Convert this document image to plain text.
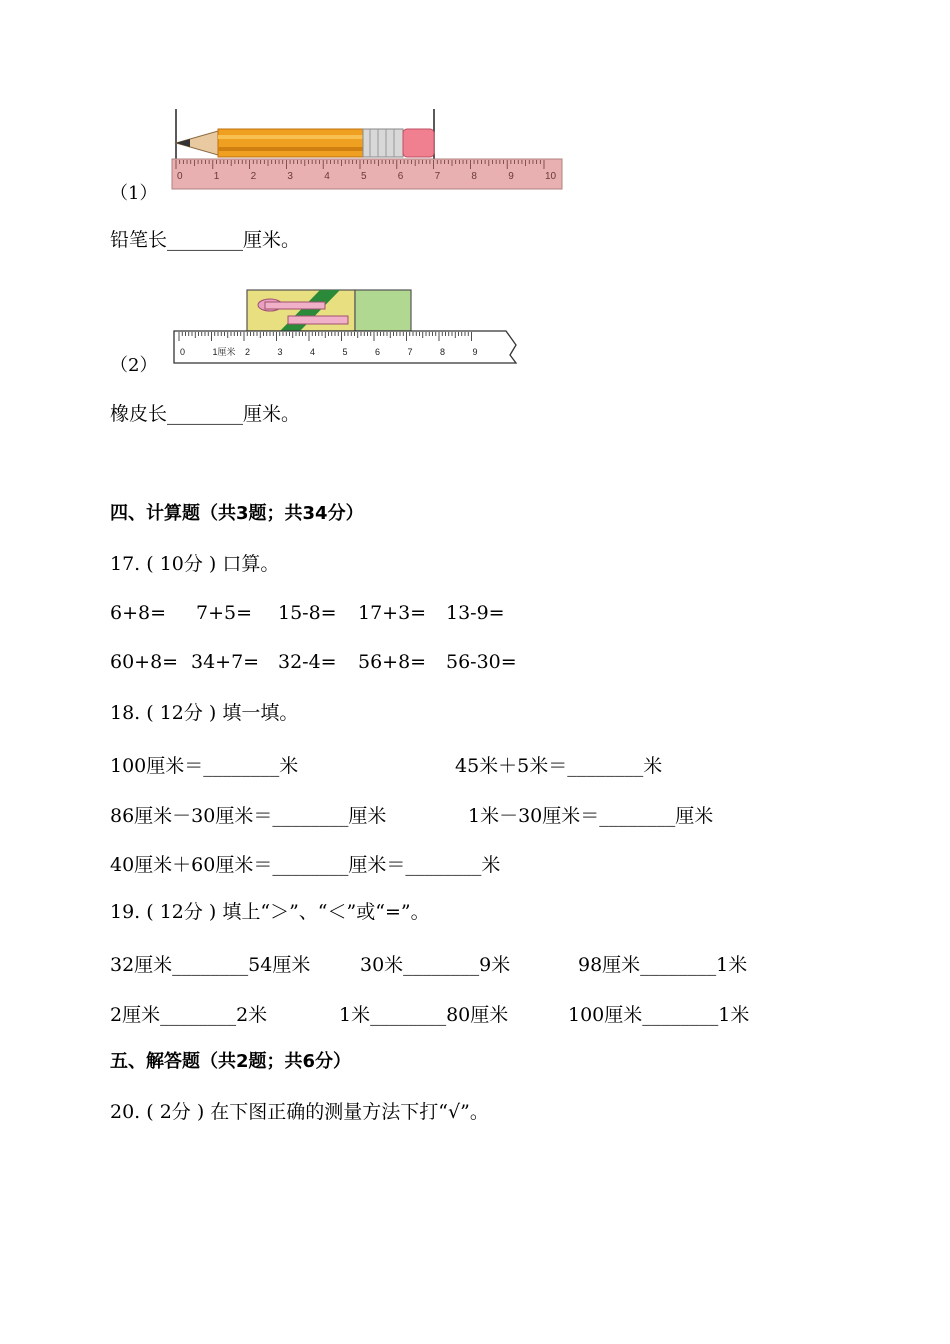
0	1	2	3	4	5	6	7	8	9	10
（1）
铅笔长________厘米。
0	1厘米 2	3	4	5	6	7	8	9
（2）
橡皮长________厘米。
四、计算题（共3题；共34分）
17. ( 10分 ) 口算。
6+8= 7+5= 15-8= 17+3= 13-9=
60+8= 34+7= 32-4= 56+8= 56-30=
18. ( 12分 ) 填一填。
100厘米＝________米	45米＋5米＝________米
86厘米－30厘米＝________厘米	1米－30厘米＝________厘米
40厘米＋60厘米＝________厘米＝________米
19. ( 12分 ) 填上“＞”、“＜”或“=”。
32厘米________54厘米	30米________9米	98厘米________1米
2厘米________2米	1米________80厘米	100厘米________1米
五、解答题（共2题；共6分）
20. ( 2分 ) 在下图正确的测量方法下打“√”。
